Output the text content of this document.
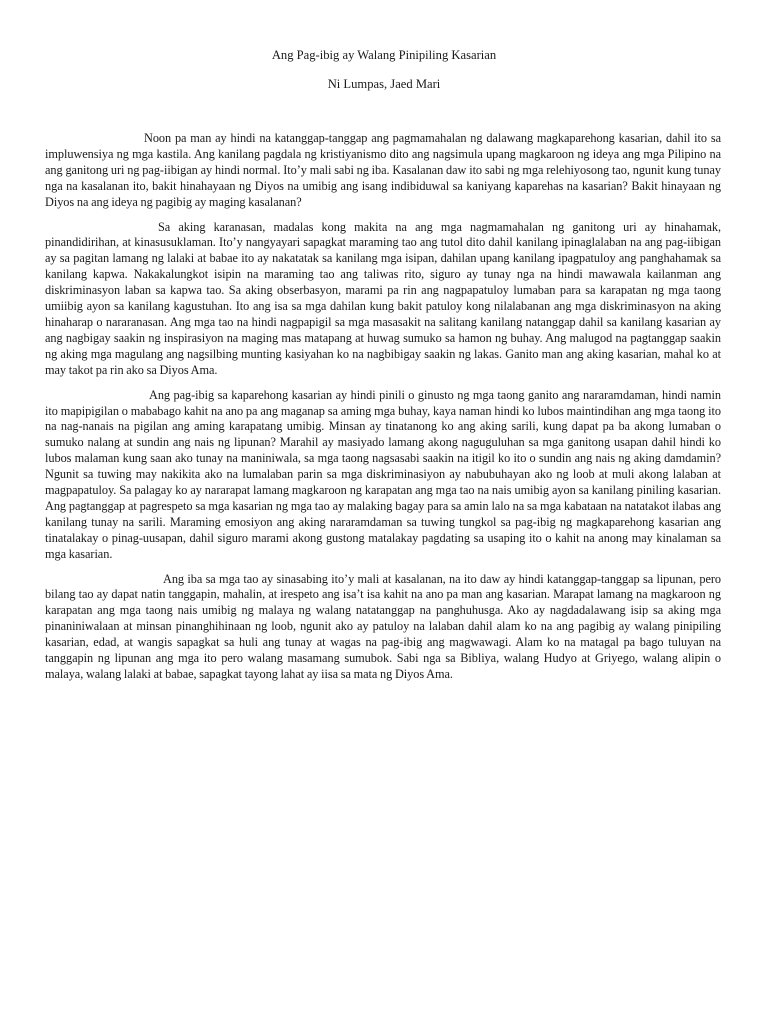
Ang Pag-ibig ay Walang Pinipiling Kasarian
Ni Lumpas, Jaed Mari

Noon pa man ay hindi na katanggap-tanggap ang pagmamahalan ng dalawang magkaparehong kasarian, dahil ito sa impluwensiya ng mga kastila. Ang kanilang pagdala ng kristiyanismo dito ang nagsimula upang magkaroon ng ideya ang mga Pilipino na ang ganitong uri ng pag-iibigan ay hindi normal. Ito’y mali sabi ng iba. Kasalanan daw ito sabi ng mga relehiyosong tao, ngunit kung tunay nga na kasalanan ito, bakit hinahayaan ng Diyos na umibig ang isang indibiduwal sa kaniyang kaparehas na kasarian? Bakit hinayaan ng Diyos na ang ideya ng pagibig ay maging kasalanan?

Sa aking karanasan, madalas kong makita na ang mga nagmamahalan ng ganitong uri ay hinahamak, pinandidirihan, at kinasusuklaman. Ito’y nangyayari sapagkat maraming tao ang tutol dito dahil kanilang ipinaglalaban na ang pag-iibigan ay sa pagitan lamang ng lalaki at babae ito ay nakatatak sa kanilang mga isipan, dahilan upang kanilang ipagpatuloy ang panghahamak sa kanilang kapwa. Nakakalungkot isipin na maraming tao ang taliwas rito, siguro ay tunay nga na hindi mawawala kailanman ang diskriminasyon laban sa kapwa tao. Sa aking obserbasyon, marami pa rin ang nagpapatuloy lumaban para sa karapatan ng mga taong umiibig ayon sa kanilang kagustuhan. Ito ang isa sa mga dahilan kung bakit patuloy kong nilalabanan ang mga diskriminasyon na aking hinaharap o nararanasan. Ang mga tao na hindi nagpapigil sa mga masasakit na salitang kanilang natanggap dahil sa kanilang kasarian ay ang nagbigay saakin ng inspirasiyon na maging mas matapang at huwag sumuko sa hamon ng buhay. Ang malugod na pagtanggap saakin ng aking mga magulang ang nagsilbing munting kasiyahan ko na nagbibigay saakin ng lakas. Ganito man ang aking kasarian, mahal ko at may takot pa rin ako sa Diyos Ama.

Ang pag-ibig sa kaparehong kasarian ay hindi pinili o ginusto ng mga taong ganito ang nararamdaman, hindi namin ito mapipigilan o mababago kahit na ano pa ang maganap sa aming mga buhay, kaya naman hindi ko lubos maintindihan ang mga taong ito na nag-nanais na pigilan ang aming karapatang umibig. Minsan ay tinatanong ko ang aking sarili, kung dapat pa ba akong lumaban o sumuko nalang at sundin ang nais ng lipunan? Marahil ay masiyado lamang akong naguguluhan sa mga ganitong usapan dahil hindi ko lubos malaman kung saan ako tunay na maniniwala, sa mga taong nagsasabi saakin na itigil ko ito o sundin ang nais ng aking damdamin? Ngunit sa tuwing may nakikita ako na lumalaban parin sa mga diskriminasiyon ay nabubuhayan ako ng loob at muli akong lalaban at magpapatuloy. Sa palagay ko ay nararapat lamang magkaroon ng karapatan ang mga tao na nais umibig ayon sa kanilang piniling kasarian. Ang pagtanggap at pagrespeto sa mga kasarian ng mga tao ay malaking bagay para sa amin lalo na sa mga kabataan na natatakot ilabas ang kanilang tunay na sarili. Maraming emosiyon ang aking nararamdaman sa tuwing tungkol sa pag-ibig ng magkaparehong kasarian ang tinatalakay o pinag-uusapan, dahil siguro marami akong gustong matalakay pagdating sa usaping ito o kahit na anong may kinalaman sa mga kasarian.

Ang iba sa mga tao ay sinasabing ito’y mali at kasalanan, na ito daw ay hindi katanggap-tanggap sa lipunan, pero bilang tao ay dapat natin tanggapin, mahalin, at irespeto ang isa’t isa kahit na ano pa man ang kasarian. Marapat lamang na magkaroon ng karapatan ang mga taong nais umibig ng malaya ng walang natatanggap na panghuhusga. Ako ay nagdadalawang isip sa aking mga pinaniniwalaan at minsan pinanghihinaan ng loob, ngunit ako ay patuloy na lalaban dahil alam ko na ang pagibig ay walang pinipiling kasarian, edad, at wangis sapagkat sa huli ang tunay at wagas na pag-ibig ang magwawagi. Alam ko na matagal pa bago tuluyan na tanggapin ng lipunan ang mga ito pero walang masamang sumubok. Sabi nga sa Bibliya, walang Hudyo at Griyego, walang alipin o malaya, walang lalaki at babae, sapagkat tayong lahat ay iisa sa mata ng Diyos Ama.
